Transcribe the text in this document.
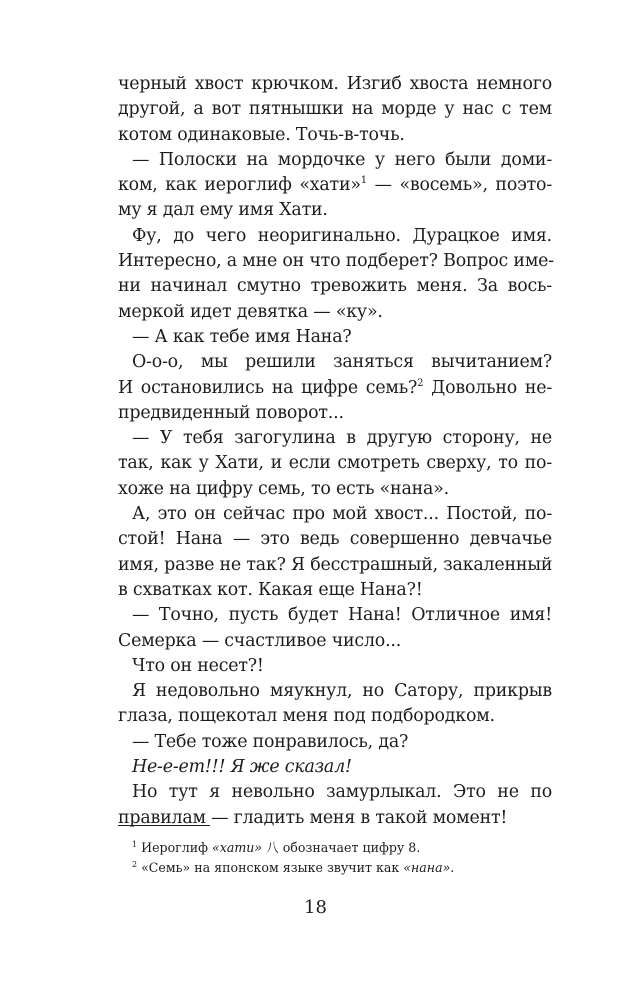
черный хвост крючком. Изгиб хвоста немного
другой, а вот пятнышки на морде у нас с тем
котом одинаковые. Точь-в-точь.
— Полоски на мордочке у него были доми-
ком, как иероглиф «хати»$^1$ — «восемь», поэто-
му я дал ему имя Хати.
Фу, до чего неоригинально. Дурацкое имя.
Интересно, а мне он что подберет? Вопрос име-
ни начинал смутно тревожить меня. За вось-
меркой идет девятка — «ку».
— А как тебе имя Нана?
О-о-о, мы решили заняться вычитанием?
И остановились на цифре семь?$^2$ Довольно не-
предвиденный поворот...
— У тебя загогулина в другую сторону, не
так, как у Хати, и если смотреть сверху, то по-
хоже на цифру семь, то есть «нана».
А, это он сейчас про мой хвост... Постой, по-
стой! Нана — это ведь совершенно девчачье
имя, разве не так? Я бесстрашный, закаленный
в схватках кот. Какая еще Нана?!
— Точно, пусть будет Нана! Отличное имя!
Семерка — счастливое число...
Что он несет?!
Я недовольно мяукнул, но Сатору, прикрыв
глаза, пощекотал меня под подбородком.
— Тебе тоже понравилось, да?
Не-е-ет!!! Я же сказал!
Но тут я невольно замурлыкал. Это не по
правилам — гладить меня в такой момент!
$^1$ Иероглиф «хати» 八 обозначает цифру 8.
$^2$ «Семь» на японском языке звучит как «нана».
18
